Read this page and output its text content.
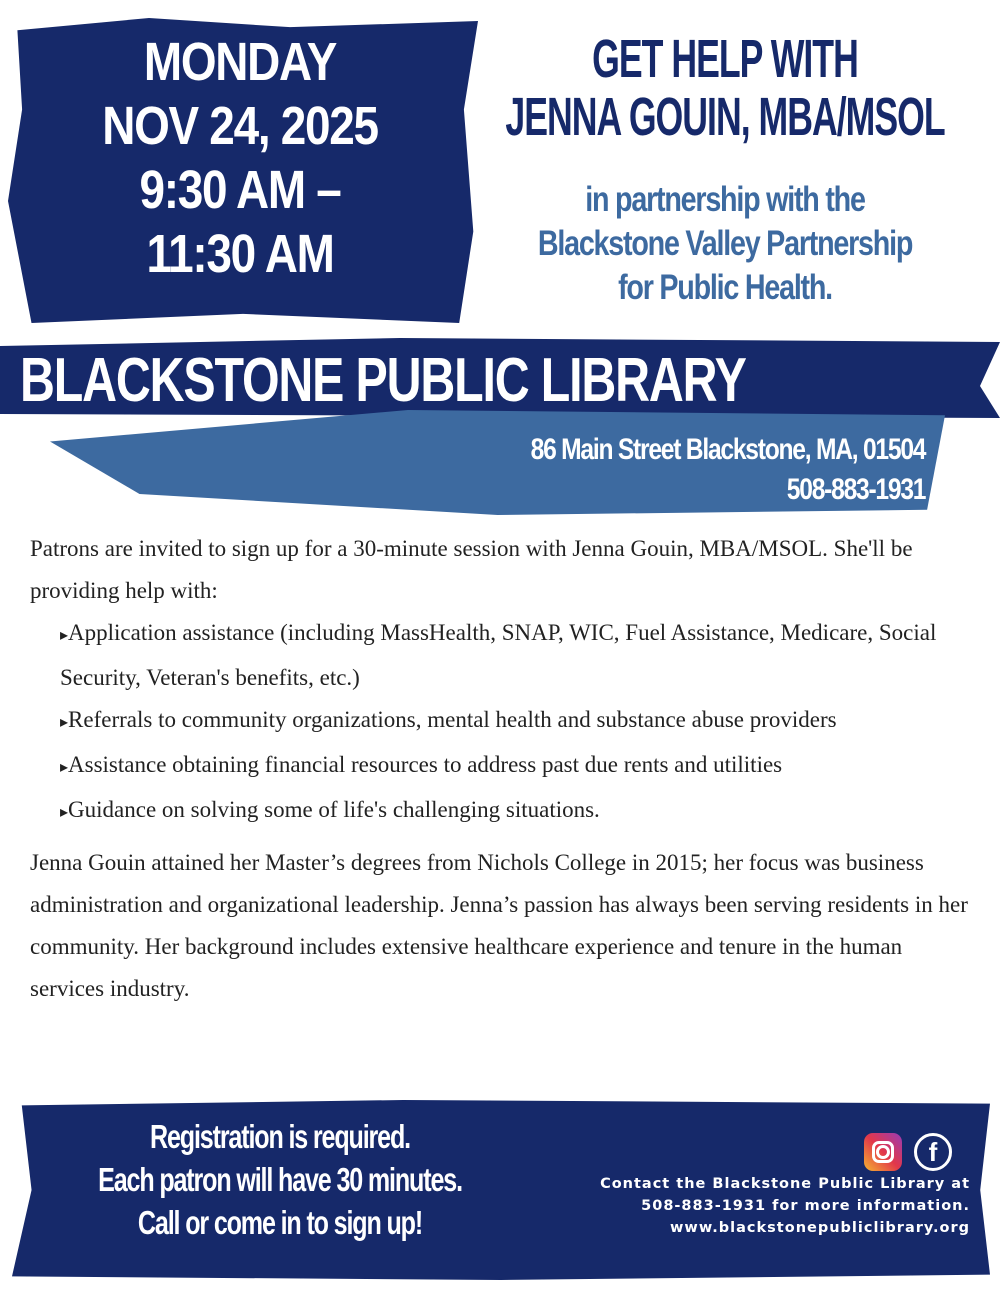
MONDAY
NOV 24, 2025
9:30 AM –
11:30 AM
GET HELP WITH
JENNA GOUIN, MBA/MSOL
in partnership with the
Blackstone Valley Partnership
for Public Health.
BLACKSTONE PUBLIC LIBRARY
86 Main Street Blackstone, MA, 01504
508-883-1931

Patrons are invited to sign up for a 30-minute session with Jenna Gouin, MBA/MSOL. She'll be providing help with:

▸ Application assistance (including MassHealth, SNAP, WIC, Fuel Assistance, Medicare, Social Security, Veteran's benefits, etc.)
▸ Referrals to community organizations, mental health and substance abuse providers
▸ Assistance obtaining financial resources to address past due rents and utilities
▸ Guidance on solving some of life's challenging situations.

Jenna Gouin attained her Master’s degrees from Nichols College in 2015; her focus was business administration and organizational leadership. Jenna’s passion has always been serving residents in her community. Her background includes extensive healthcare experience and tenure in the human services industry.

Registration is required.
Each patron will have 30 minutes.
Call or come in to sign up!
f
Contact the Blackstone Public Library at
508-883-1931 for more information.
www.blackstonepubliclibrary.org
